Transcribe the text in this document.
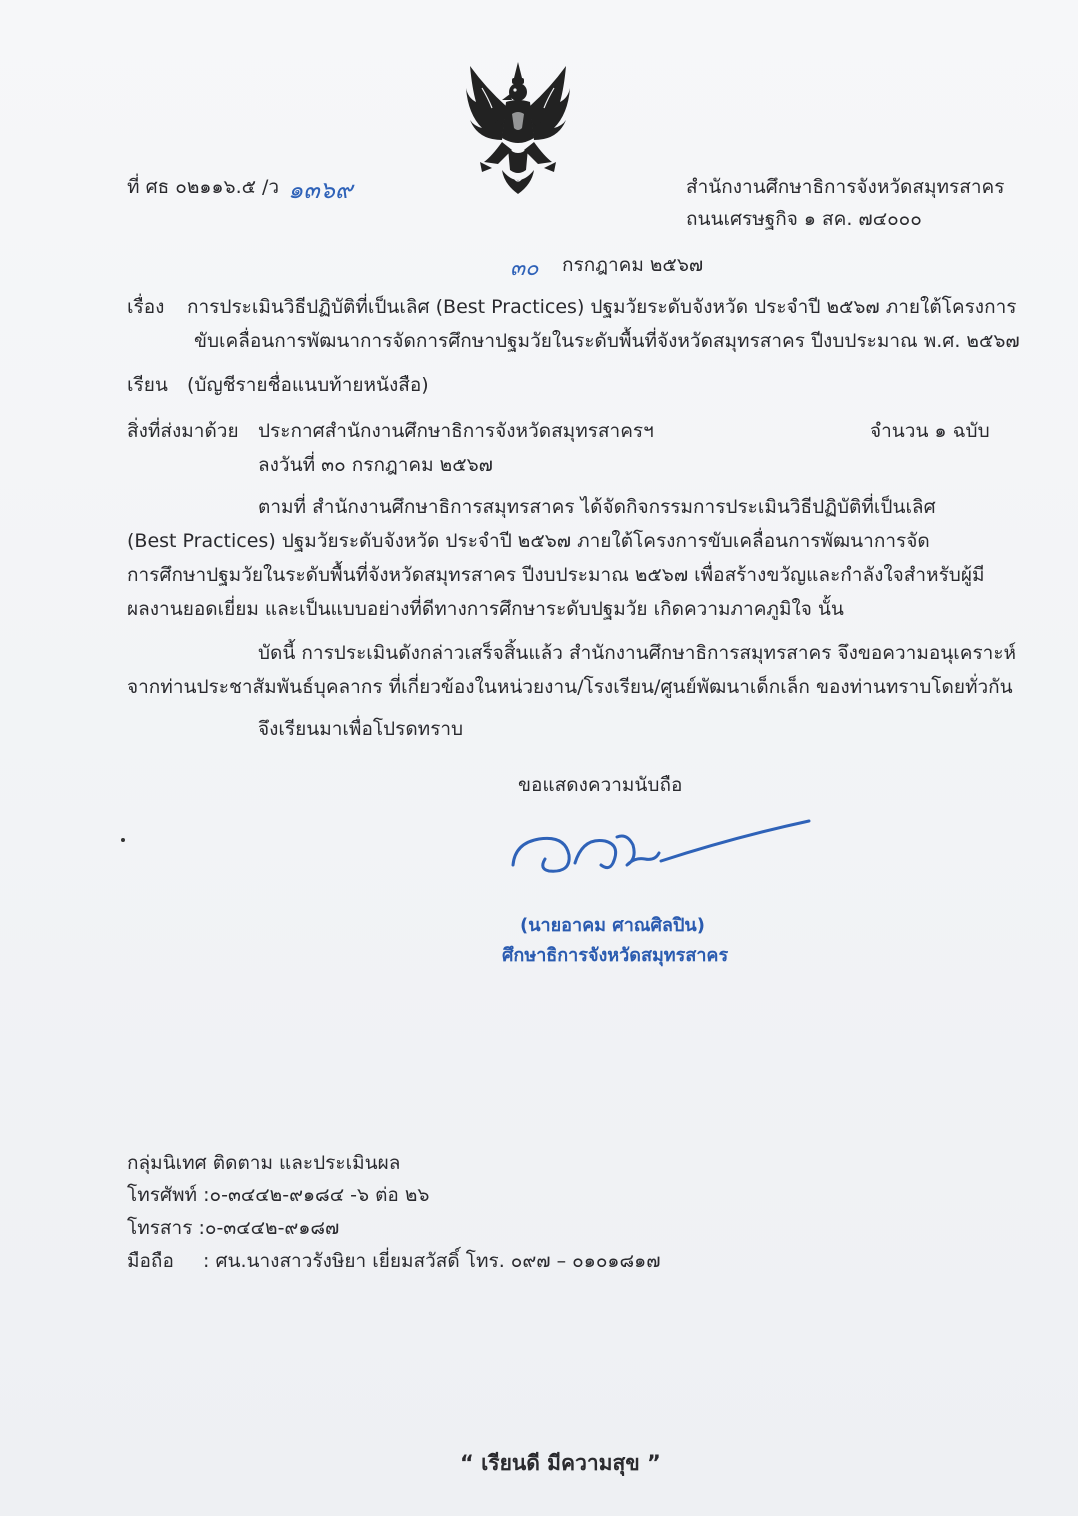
ที่ ศธ ๐๒๑๑๖.๕ /ว ๑๓๖๙	สำนักงานศึกษาธิการจังหวัดสมุทรสาคร
ถนนเศรษฐกิจ ๑ สค. ๗๔๐๐๐
๓๐ กรกฎาคม ๒๕๖๗
เรื่อง การประเมินวิธีปฏิบัติที่เป็นเลิศ (Best Practices) ปฐมวัยระดับจังหวัด ประจำปี ๒๕๖๗ ภายใต้โครงการ
ขับเคลื่อนการพัฒนาการจัดการศึกษาปฐมวัยในระดับพื้นที่จังหวัดสมุทรสาคร ปีงบประมาณ พ.ศ. ๒๕๖๗
เรียน (บัญชีรายชื่อแนบท้ายหนังสือ)
สิ่งที่ส่งมาด้วย ประกาศสำนักงานศึกษาธิการจังหวัดสมุทรสาครฯ	จำนวน ๑ ฉบับ
ลงวันที่ ๓๐ กรกฎาคม ๒๕๖๗
ตามที่ สำนักงานศึกษาธิการสมุทรสาคร ได้จัดกิจกรรมการประเมินวิธีปฏิบัติที่เป็นเลิศ
(Best Practices) ปฐมวัยระดับจังหวัด ประจำปี ๒๕๖๗ ภายใต้โครงการขับเคลื่อนการพัฒนาการจัด
การศึกษาปฐมวัยในระดับพื้นที่จังหวัดสมุทรสาคร ปีงบประมาณ ๒๕๖๗ เพื่อสร้างขวัญและกำลังใจสำหรับผู้มี
ผลงานยอดเยี่ยม และเป็นแบบอย่างที่ดีทางการศึกษาระดับปฐมวัย เกิดความภาคภูมิใจ นั้น
บัดนี้ การประเมินดังกล่าวเสร็จสิ้นแล้ว สำนักงานศึกษาธิการสมุทรสาคร จึงขอความอนุเคราะห์
จากท่านประชาสัมพันธ์บุคลากร ที่เกี่ยวข้องในหน่วยงาน/โรงเรียน/ศูนย์พัฒนาเด็กเล็ก ของท่านทราบโดยทั่วกัน
จึงเรียนมาเพื่อโปรดทราบ
ขอแสดงความนับถือ
(นายอาคม ศาณศิลปิน)
ศึกษาธิการจังหวัดสมุทรสาคร
กลุ่มนิเทศ ติดตาม และประเมินผล
โทรศัพท์ :๐-๓๔๔๒-๙๑๘๔ -๖ ต่อ ๒๖
โทรสาร :๐-๓๔๔๒-๙๑๘๗
มือถือ : ศน.นางสาวรังษิยา เยี่ยมสวัสดิ์ โทร. ๐๙๗ – ๐๑๐๑๘๑๗
“ เรียนดี มีความสุข ”
